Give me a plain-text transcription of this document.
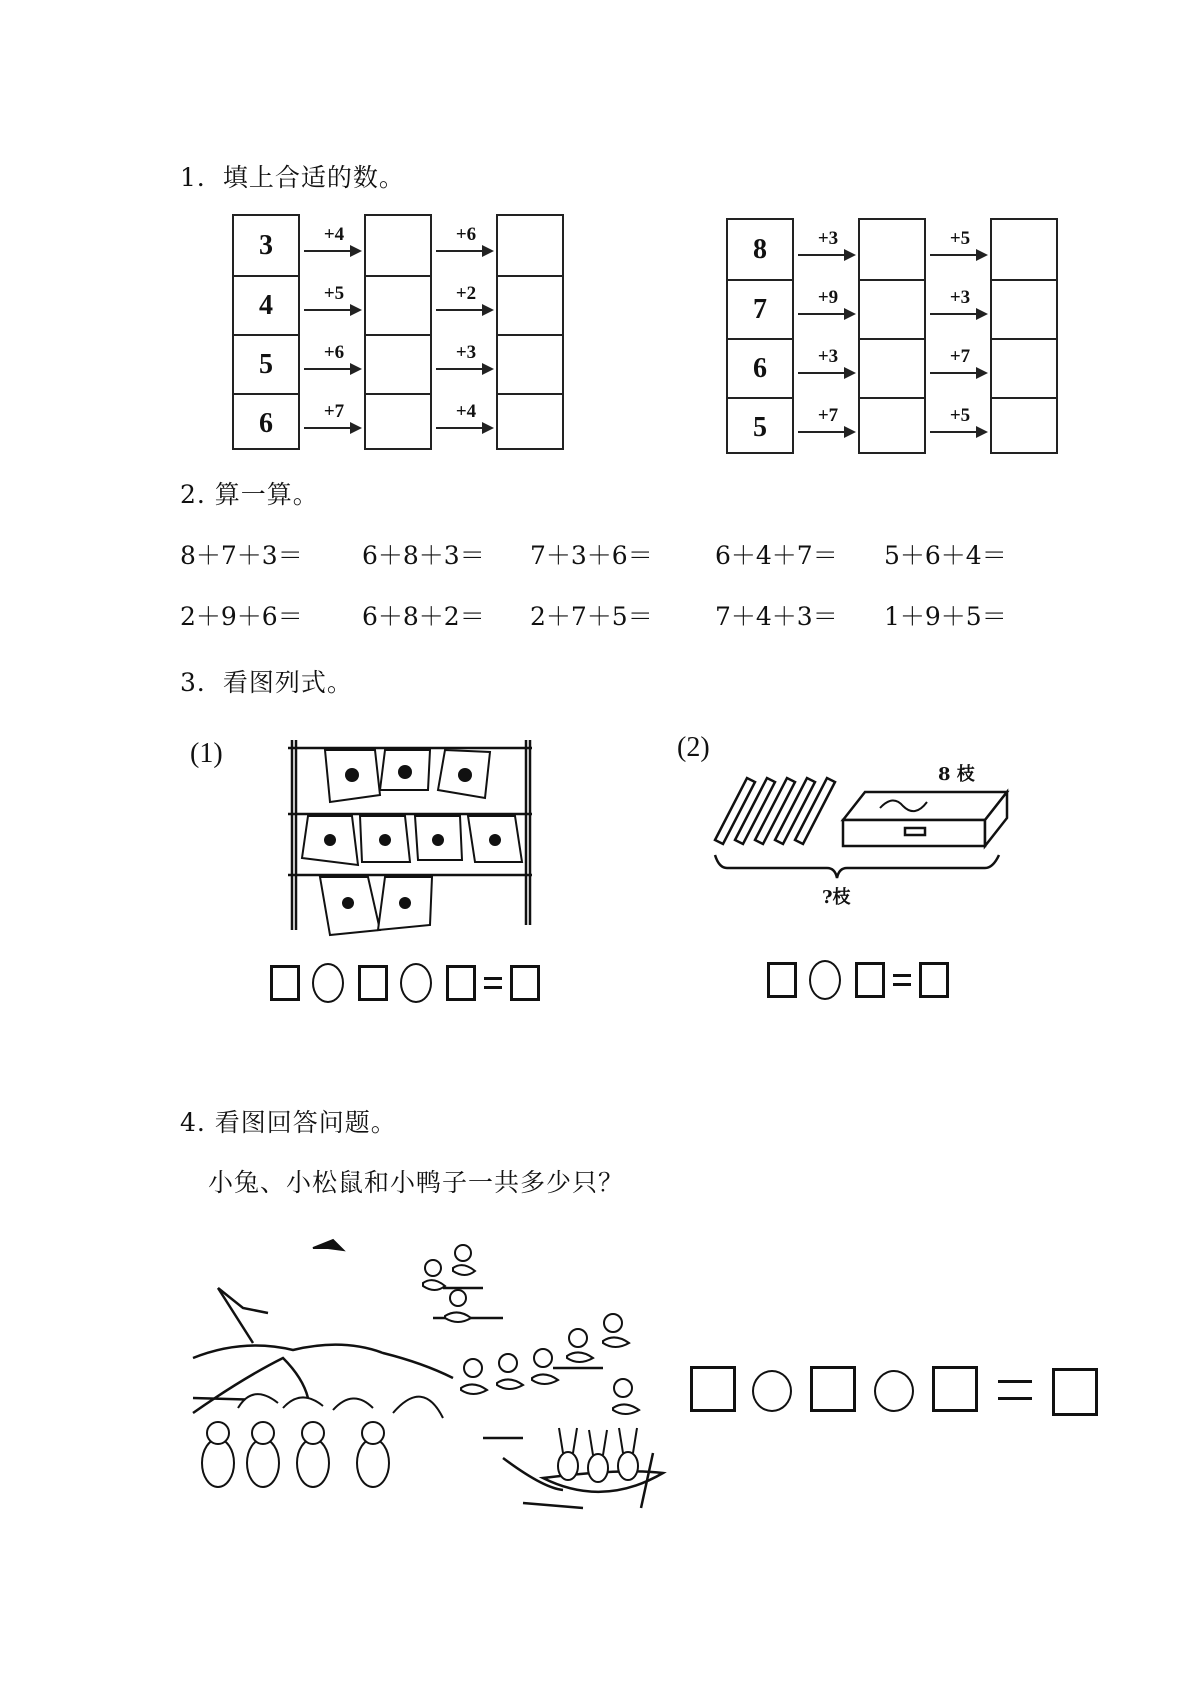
1．填上合适的数。
3
4
5
6
+4
+5
+6
+7
+6
+2
+3
+4
8
7
6
5
+3
+9
+3
+7
+5
+3
+7
+5
2. 算一算。
8＋7＋3＝ 6＋8＋3＝ 7＋3＋6＝ 6＋4＋7＝ 5＋6＋4＝
2＋9＋6＝ 6＋8＋2＝ 2＋7＋5＝ 7＋4＋3＝ 1＋9＋5＝
3．看图列式。
(1)	(2)
8 枝
?枝
4. 看图回答问题。
小兔、小松鼠和小鸭子一共多少只？
